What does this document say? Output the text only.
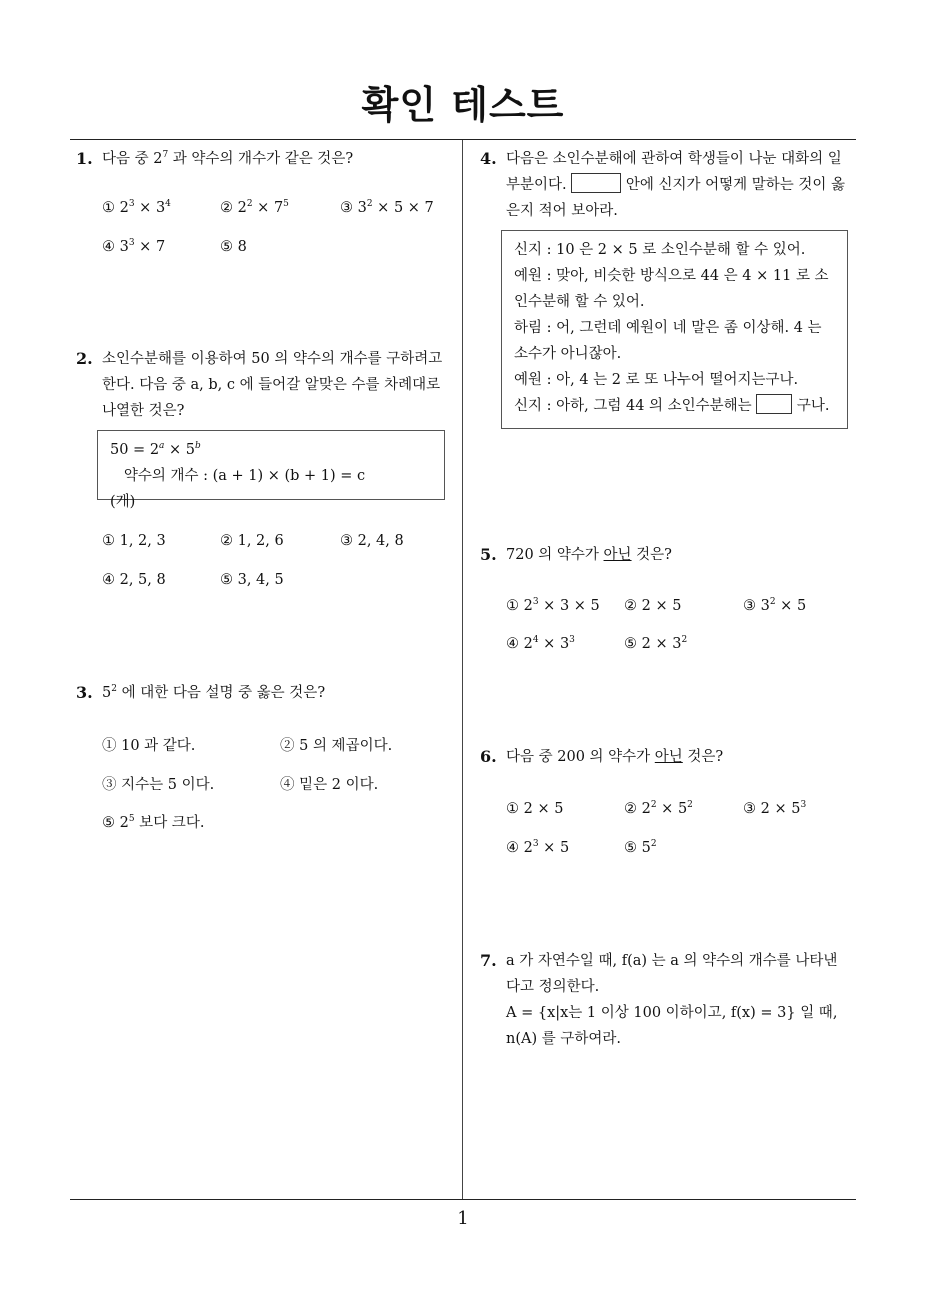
확인 테스트
1
1. 다음 중 $2^7$ 과 약수의 개수가 같은 것은?
① $2^3 \times 3^4$	② $2^2 \times 7^5$	③ $3^2 \times 5 \times 7$
④ $3^3 \times 7$	⑤ 8
2. 소인수분해를 이용하여 50 의 약수의 개수를 구하려고
한다. 다음 중 a, b, c 에 들어갈 알맞은 수를 차례대로
나열한 것은?
$50 = 2^a \times 5^b$   약수의 개수 : (a + 1) × (b + 1) = c
(개)
① 1, 2, 3	② 1, 2, 6	③ 2, 4, 8
④ 2, 5, 8	⑤ 3, 4, 5
3. $5^2$ 에 대한 다음 설명 중 옳은 것은?
① 10 과 같다.	② 5 의 제곱이다.
③ 지수는 5 이다.	④ 밑은 2 이다.
⑤ $2^5$ 보다 크다.
4. 다음은 소인수분해에 관하여 학생들이 나눈 대화의 일
부분이다.	안에 신지가 어떻게 말하는 것이 옳
은지 적어 보아라.
신지 : 10 은 2 × 5 로 소인수분해 할 수 있어.
예원 : 맞아, 비슷한 방식으로 44 은 4 × 11 로 소
인수분해 할 수 있어.
하림 : 어, 그런데 예원이 네 말은 좀 이상해. 4 는
소수가 아니잖아.
예원 : 아, 4 는 2 로 또 나누어 떨어지는구나.
신지 : 아하, 그럼 44 의 소인수분해는	구나.
5. 720 의 약수가 아닌 것은?
① $2^3 \times 3 \times 5$ ② 2 × 5	③ $3^2 \times 5$
④ $2^4 \times 3^3$	⑤ $2 \times 3^2$
6. 다음 중 200 의 약수가 아닌 것은?
① 2 × 5	② $2^2 \times 5^2$	③ $2 \times 5^3$
④ $2^3 \times 5$	⑤ $5^2$
7. a 가 자연수일 때, f(a) 는 a 의 약수의 개수를 나타낸
다고 정의한다.
A = {x|x는 1 이상 100 이하이고, f(x) = 3} 일 때,
n(A) 를 구하여라.
